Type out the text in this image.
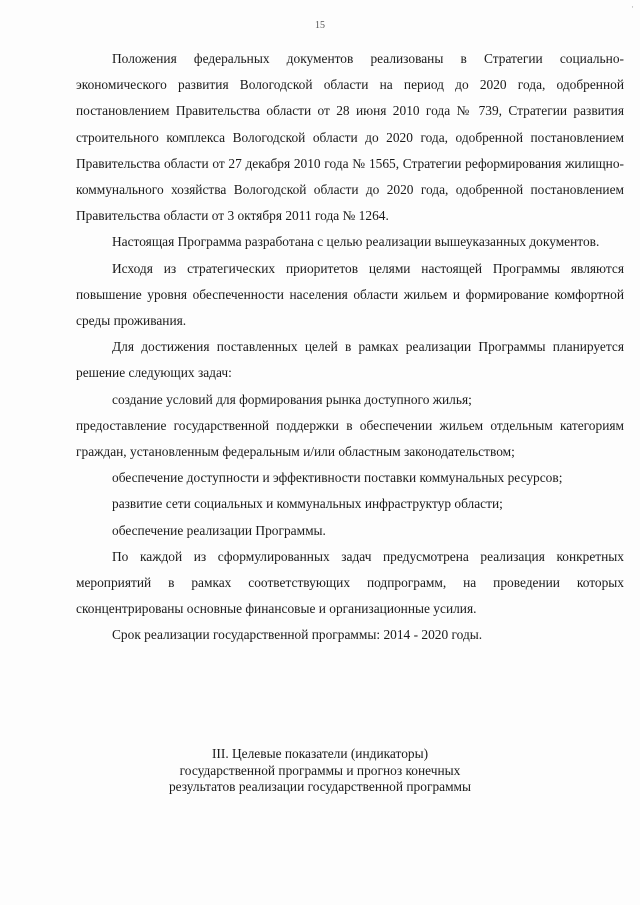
·
15

Положения федеральных документов реализованы в Стратегии социально-экономического развития Вологодской области на период до 2020 года, одобренной постановлением Правительства области от 28 июня 2010 года № 739, Стратегии развития строительного комплекса Вологодской области до 2020 года, одобренной постановлением Правительства области от 27 декабря 2010 года № 1565, Стратегии реформирования жилищно-коммунального хозяйства Вологодской области до 2020 года, одобренной постановлением Правительства области от 3 октября 2011 года № 1264.

Настоящая Программа разработана с целью реализации вышеуказанных документов.

Исходя из стратегических приоритетов целями настоящей Программы являются повышение уровня обеспеченности населения области жильем и формирование комфортной среды проживания.

Для достижения поставленных целей в рамках реализации Программы планируется решение следующих задач:

создание условий для формирования рынка доступного жилья;

предоставление государственной поддержки в обеспечении жильем отдельным категориям граждан, установленным федеральным и/или областным законодательством;

обеспечение доступности и эффективности поставки коммунальных ресурсов;

развитие сети социальных и коммунальных инфраструктур области;

обеспечение реализации Программы.

По каждой из сформулированных задач предусмотрена реализация конкретных мероприятий в рамках соответствующих подпрограмм, на проведении которых сконцентрированы основные финансовые и организационные усилия.

Срок реализации государственной программы: 2014 - 2020 годы.

III. Целевые показатели (индикаторы)
государственной программы и прогноз конечных
результатов реализации государственной программы
